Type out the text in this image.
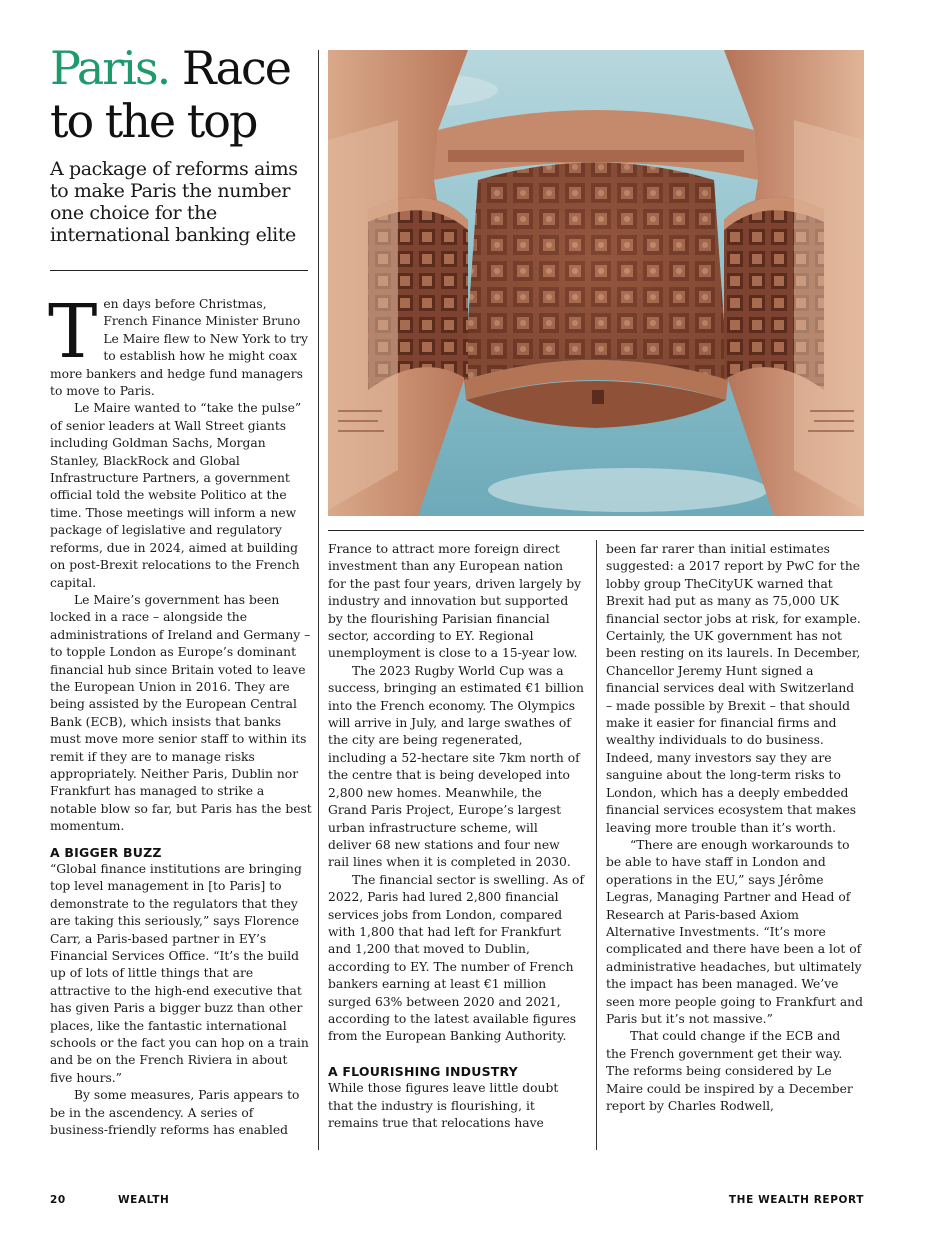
Paris. Race to the top

A package of reforms aims to make Paris the number one choice for the international banking elite

T en days before Christmas, French Finance Minister Bruno Le Maire flew to New York to try to establish how he might coax more bankers and hedge fund managers to move to Paris.

Le Maire wanted to “take the pulse” of senior leaders at Wall Street giants including Goldman Sachs, Morgan Stanley, BlackRock and Global Infrastructure Partners, a government official told the website Politico at the time. Those meetings will inform a new package of legislative and regulatory reforms, due in 2024, aimed at building on post-Brexit relocations to the French capital.

Le Maire’s government has been locked in a race – alongside the administrations of Ireland and Germany – to topple London as Europe’s dominant financial hub since Britain voted to leave the European Union in 2016. They are being assisted by the European Central Bank (ECB), which insists that banks must move more senior staff to within its remit if they are to manage risks appropriately. Neither Paris, Dublin nor Frankfurt has managed to strike a notable blow so far, but Paris has the best momentum.

A BIGGER BUZZ

“Global finance institutions are bringing top level management in [to Paris] to demonstrate to the regulators that they are taking this seriously,” says Florence Carr, a Paris-based partner in EY’s Financial Services Office. “It’s the build up of lots of little things that are attractive to the high-end executive that has given Paris a bigger buzz than other places, like the fantastic international schools or the fact you can hop on a train and be on the French Riviera in about five hours.”

By some measures, Paris appears to be in the ascendency. A series of business-friendly reforms has enabled

France to attract more foreign direct investment than any European nation for the past four years, driven largely by industry and innovation but supported by the flourishing Parisian financial sector, according to EY. Regional unemployment is close to a 15-year low.

The 2023 Rugby World Cup was a success, bringing an estimated €1 billion into the French economy. The Olympics will arrive in July, and large swathes of the city are being regenerated, including a 52-hectare site 7km north of the centre that is being developed into 2,800 new homes. Meanwhile, the Grand Paris Project, Europe’s largest urban infrastructure scheme, will deliver 68 new stations and four new rail lines when it is completed in 2030.

The financial sector is swelling. As of 2022, Paris had lured 2,800 financial services jobs from London, compared with 1,800 that had left for Frankfurt and 1,200 that moved to Dublin, according to EY. The number of French bankers earning at least €1 million surged 63% between 2020 and 2021, according to the latest available figures from the European Banking Authority.

A FLOURISHING INDUSTRY

While those figures leave little doubt that the industry is flourishing, it remains true that relocations have

been far rarer than initial estimates suggested: a 2017 report by PwC for the lobby group TheCityUK warned that Brexit had put as many as 75,000 UK financial sector jobs at risk, for example. Certainly, the UK government has not been resting on its laurels. In December, Chancellor Jeremy Hunt signed a financial services deal with Switzerland – made possible by Brexit – that should make it easier for financial firms and wealthy individuals to do business. Indeed, many investors say they are sanguine about the long-term risks to London, which has a deeply embedded financial services ecosystem that makes leaving more trouble than it’s worth.

“There are enough workarounds to be able to have staff in London and operations in the EU,” says Jérôme Legras, Managing Partner and Head of Research at Paris-based Axiom Alternative Investments. “It’s more complicated and there have been a lot of administrative headaches, but ultimately the impact has been managed. We’ve seen more people going to Frankfurt and Paris but it’s not massive.”

That could change if the ECB and the French government get their way. The reforms being considered by Le Maire could be inspired by a December report by Charles Rodwell,

20	WEALTH	THE WEALTH REPORT
